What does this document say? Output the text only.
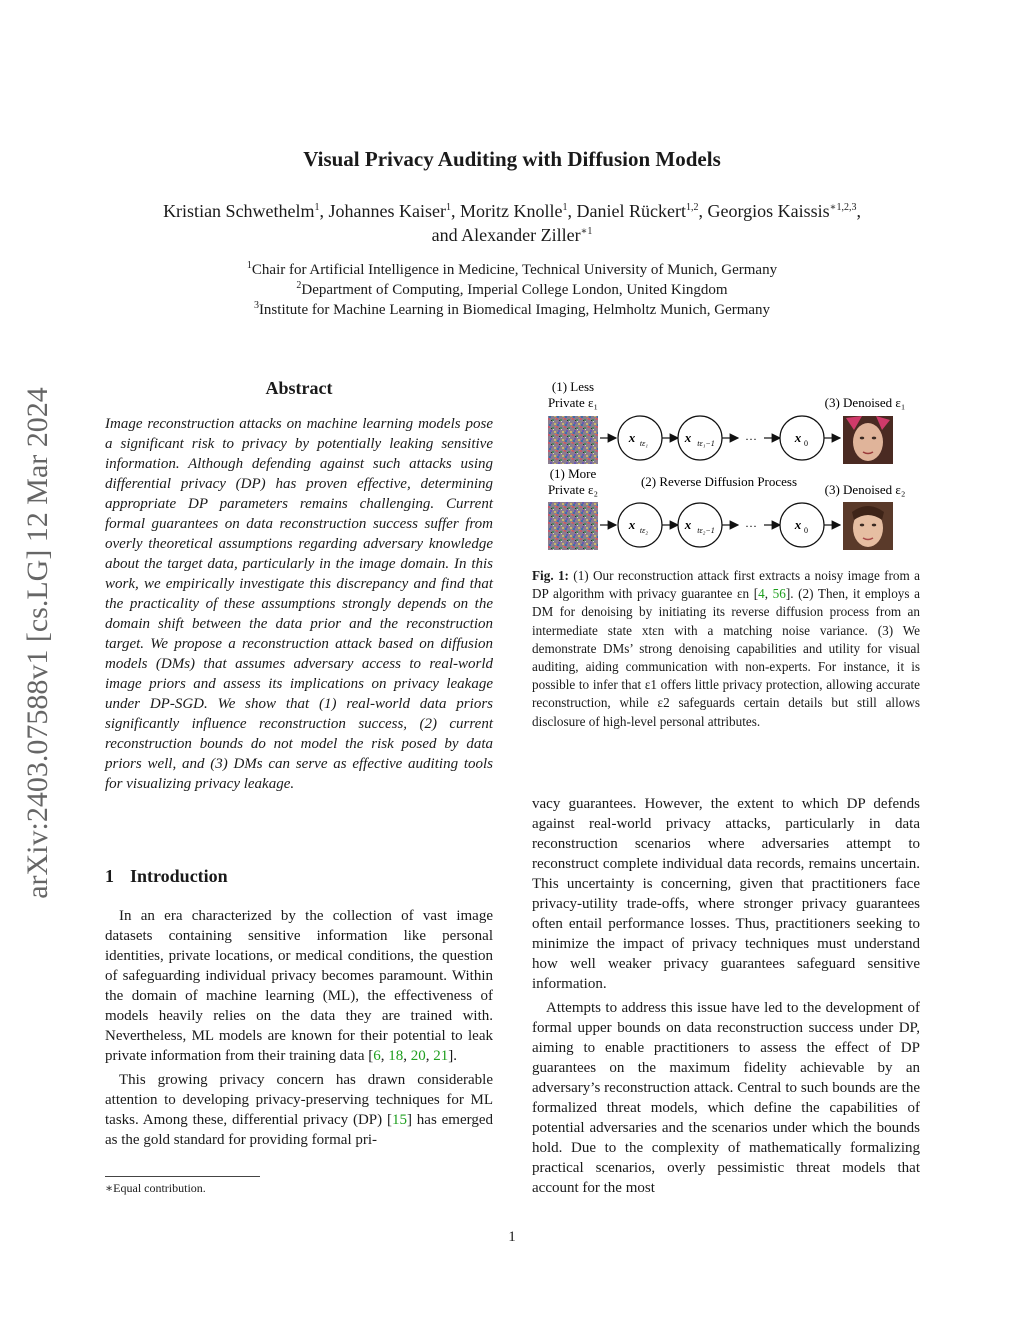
arXiv:2403.07588v1 [cs.LG] 12 Mar 2024
Visual Privacy Auditing with Diffusion Models
Kristian Schwethelm$^1$, Johannes Kaiser$^1$, Moritz Knolle$^1$, Daniel Rückert$^{1,2}$, Georgios Kaissis$^{∗1,2,3}$,
and Alexander Ziller$^{∗1}$
$^1$Chair for Artificial Intelligence in Medicine, Technical University of Munich, Germany
$^2$Department of Computing, Imperial College London, United Kingdom
$^3$Institute for Machine Learning in Biomedical Imaging, Helmholtz Munich, Germany
Abstract
Image reconstruction attacks on machine learning models pose a significant risk to privacy by potentially leaking sensitive information. Although defending against such attacks using differential privacy (DP) has proven effective, determining appropriate DP parameters remains challenging. Current formal guarantees on data reconstruction success suffer from overly theoretical assumptions regarding adversary knowledge about the target data, particularly in the image domain. In this work, we empirically investigate this discrepancy and find that the practicality of these assumptions strongly depends on the domain shift between the data prior and the reconstruction target. We propose a reconstruction attack based on diffusion models (DMs) that assumes adversary access to real-world image priors and assess its implications on privacy leakage under DP-SGD. We show that (1) real-world data priors significantly influence reconstruction success, (2) current reconstruction bounds do not model the risk posed by data priors well, and (3) DMs can serve as effective auditing tools for visualizing privacy leakage.
1 Introduction

In an era characterized by the collection of vast image datasets containing sensitive information like personal identities, private locations, or medical conditions, the question of safeguarding individual privacy becomes paramount. Within the domain of machine learning (ML), the effectiveness of models heavily relies on the data they are trained with. Nevertheless, ML models are known for their potential to leak private information from their training data [6, 18, 20, 21].

This growing privacy concern has drawn considerable attention to developing privacy-preserving techniques for ML tasks. Among these, differential privacy (DP) [15] has emerged as the gold standard for providing formal pri-

vacy guarantees. However, the extent to which DP defends against real-world privacy attacks, particularly in data reconstruction scenarios where adversaries attempt to reconstruct complete individual data records, remains uncertain. This uncertainty is concerning, given that practitioners face privacy-utility trade-offs, where stronger privacy guarantees often entail performance losses. Thus, practitioners seeking to minimize the impact of privacy techniques must understand how well weaker privacy guarantees safeguard sensitive information.

Attempts to address this issue have led to the development of formal upper bounds on data reconstruction success under DP, aiming to enable practitioners to assess the effect of DP guarantees on the maximum fidelity achievable by an adversary’s reconstruction attack. Central to such bounds are the formalized threat models, which define the capabilities of potential adversaries and the scenarios under which the bounds hold. Due to the complexity of mathematically formalizing practical scenarios, overly pessimistic threat models that account for the most

(1) Less
Private ε₁	(3) Denoised ε₁
(1) More
Private ε₂
(2) Reverse Diffusion Process
(3) Denoised ε₂
x tε₁	x tε₁−1	···	x 0
x tε₂	x tε₂−1	···	x 0
Fig. 1: (1) Our reconstruction attack first extracts a noisy image from a DP algorithm with privacy guarantee εn [4, 56]. (2) Then, it employs a DM for denoising by initiating its reverse diffusion process from an intermediate state xtεn with a matching noise variance. (3) We demonstrate DMs’ strong denoising capabilities and utility for visual auditing, aiding communication with non-experts. For instance, it is possible to infer that ε1 offers little privacy protection, allowing accurate reconstruction, while ε2 safeguards certain details but still allows disclosure of high-level personal attributes.
∗Equal contribution.
1
